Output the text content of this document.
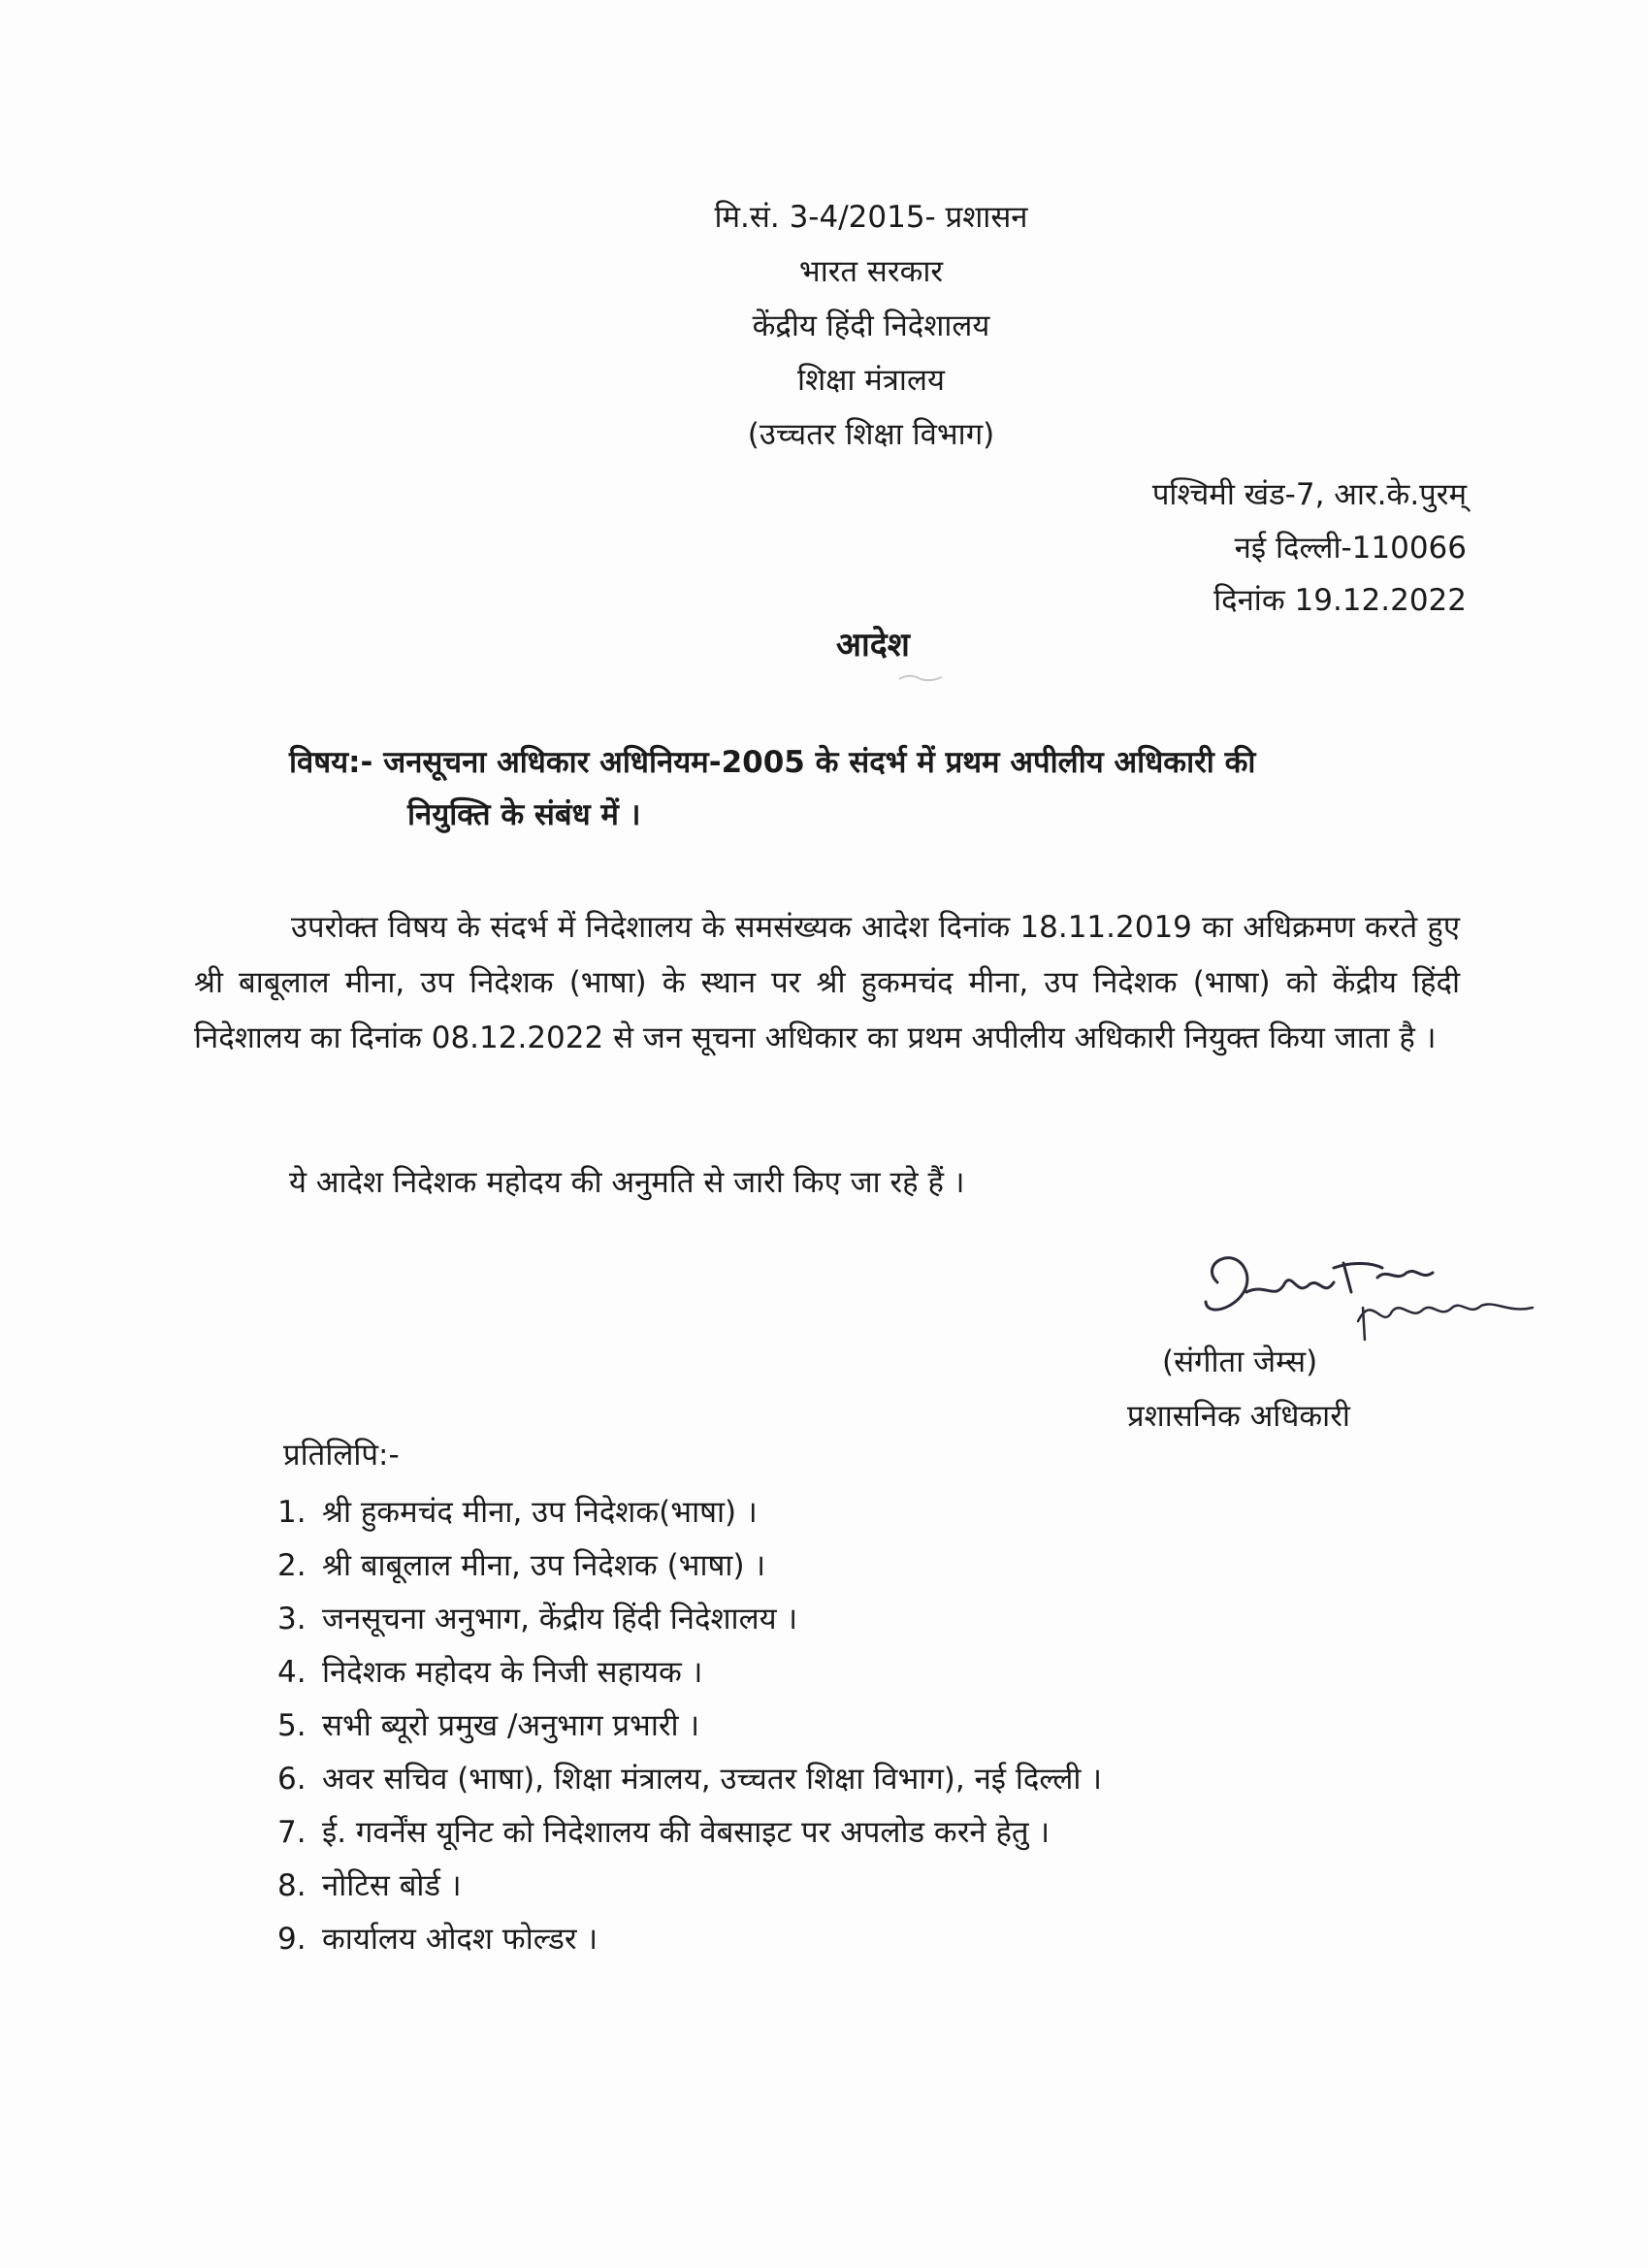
मि.सं. 3-4/2015- प्रशासन
भारत सरकार
केंद्रीय हिंदी निदेशालय
शिक्षा मंत्रालय
(उच्चतर शिक्षा विभाग)
पश्चिमी खंड-7, आर.के.पुरम्
नई दिल्ली-110066
दिनांक 19.12.2022
आदेश
विषय:- जनसूचना अधिकार अधिनियम-2005 के संदर्भ में प्रथम अपीलीय अधिकारी की
नियुक्ति के संबंध में ।
उपरोक्त विषय के संदर्भ में निदेशालय के समसंख्यक आदेश दिनांक 18.11.2019 का अधिक्रमण करते हुए श्री बाबूलाल मीना, उप निदेशक (भाषा) के स्थान पर श्री हुकमचंद मीना, उप निदेशक (भाषा) को केंद्रीय हिंदी निदेशालय का दिनांक 08.12.2022 से जन सूचना अधिकार का प्रथम अपीलीय अधिकारी नियुक्त किया जाता है ।
ये आदेश निदेशक महोदय की अनुमति से जारी किए जा रहे हैं ।
(संगीता जेम्स)
प्रशासनिक अधिकारी
प्रतिलिपि:-
1. श्री हुकमचंद मीना, उप निदेशक(भाषा) ।
2. श्री बाबूलाल मीना, उप निदेशक (भाषा) ।
3. जनसूचना अनुभाग, केंद्रीय हिंदी निदेशालय ।
4. निदेशक महोदय के निजी सहायक ।
5. सभी ब्यूरो प्रमुख /अनुभाग प्रभारी ।
6. अवर सचिव (भाषा), शिक्षा मंत्रालय, उच्चतर शिक्षा विभाग), नई दिल्ली ।
7. ई. गवर्नेंस यूनिट को निदेशालय की वेबसाइट पर अपलोड करने हेतु ।
8. नोटिस बोर्ड ।
9. कार्यालय ओदश फोल्डर ।
